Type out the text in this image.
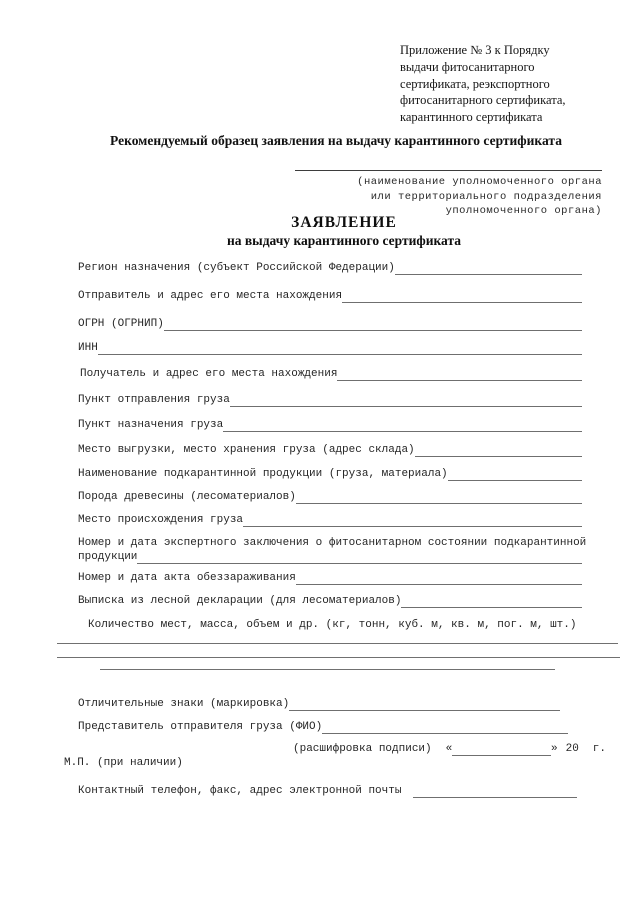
Приложение № 3 к Порядку
выдачи фитосанитарного
сертификата, реэкспортного
фитосанитарного сертификата,
карантинного сертификата
Рекомендуемый образец заявления на выдачу карантинного сертификата
(наименование уполномоченного органа
или территориального подразделения
уполномоченного органа)
ЗАЯВЛЕНИЕ
на выдачу карантинного сертификата
Регион назначения (субъект Российской Федерации)
Отправитель и адрес его места нахождения
ОГРН (ОГРНИП)
ИНН
Получатель и адрес его места нахождения
Пункт отправления груза
Пункт назначения груза
Место выгрузки, место хранения груза (адрес склада)
Наименование подкарантинной продукции (груза, материала)
Порода древесины (лесоматериалов)
Место происхождения груза
Номер и дата экспертного заключения о фитосанитарном состоянии подкарантинной
продукции
Номер и дата акта обеззараживания
Выписка из лесной декларации (для лесоматериалов)
Количество мест, масса, объем и др. (кг, тонн, куб. м, кв. м, пог. м, шт.)
Отличительные знаки (маркировка)
Представитель отправителя груза (ФИО)
(расшифровка подписи) «	» 20 г.
М.П. (при наличии)
Контактный телефон, факс, адрес электронной почты
